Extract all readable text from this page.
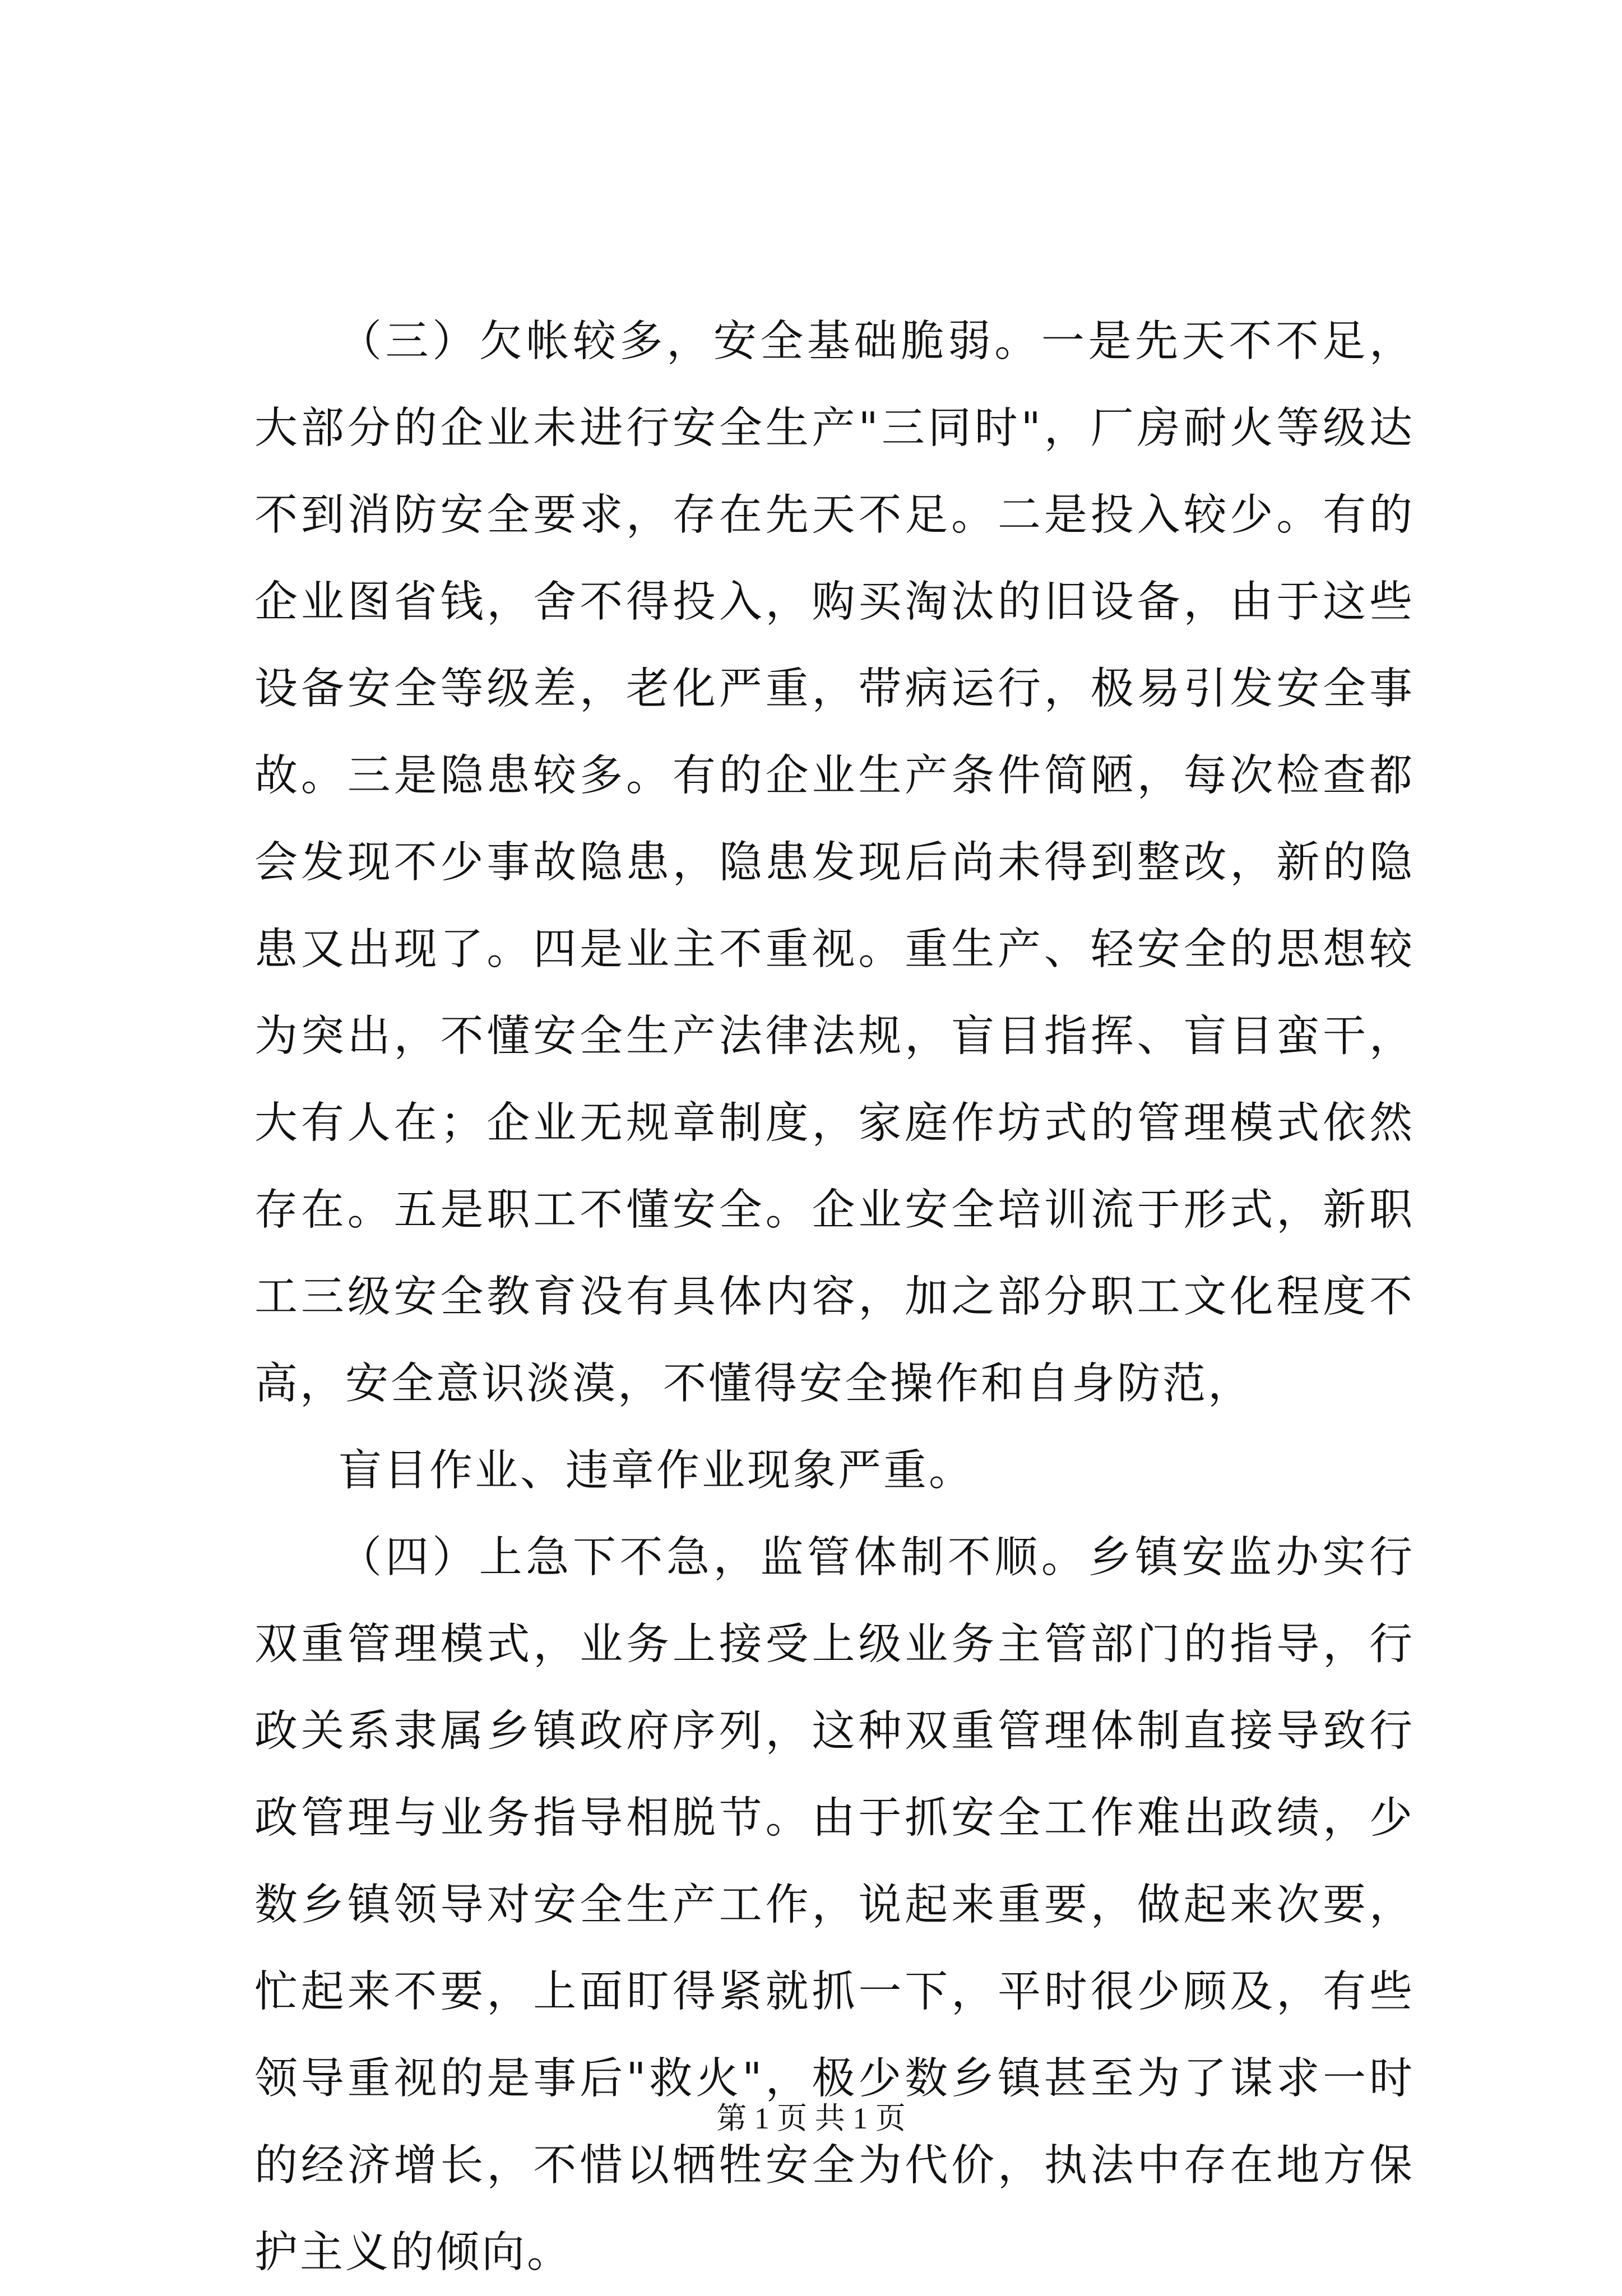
（三）欠帐较多，安全基础脆弱。一是先天不不足，大部分的企业未进行安全生产"三同时"，厂房耐火等级达不到消防安全要求，存在先天不足。二是投入较少。有的企业图省钱，舍不得投入，购买淘汰的旧设备，由于这些设备安全等级差，老化严重，带病运行，极易引发安全事故。三是隐患较多。有的企业生产条件简陋，每次检查都会发现不少事故隐患，隐患发现后尚未得到整改，新的隐患又出现了。四是业主不重视。重生产、轻安全的思想较为突出，不懂安全生产法律法规，盲目指挥、盲目蛮干，大有人在；企业无规章制度，家庭作坊式的管理模式依然存在。五是职工不懂安全。企业安全培训流于形式，新职工三级安全教育没有具体内容，加之部分职工文化程度不高，安全意识淡漠，不懂得安全操作和自身防范，

盲目作业、违章作业现象严重。

（四）上急下不急，监管体制不顺。乡镇安监办实行双重管理模式，业务上接受上级业务主管部门的指导，行政关系隶属乡镇政府序列，这种双重管理体制直接导致行政管理与业务指导相脱节。由于抓安全工作难出政绩，少数乡镇领导对安全生产工作，说起来重要，做起来次要，忙起来不要，上面盯得紧就抓一下，平时很少顾及，有些领导重视的是事后"救火"，极少数乡镇甚至为了谋求一时的经济增长，不惜以牺牲安全为代价，执法中存在地方保护主义的倾向。

第 1 页 共 1 页
